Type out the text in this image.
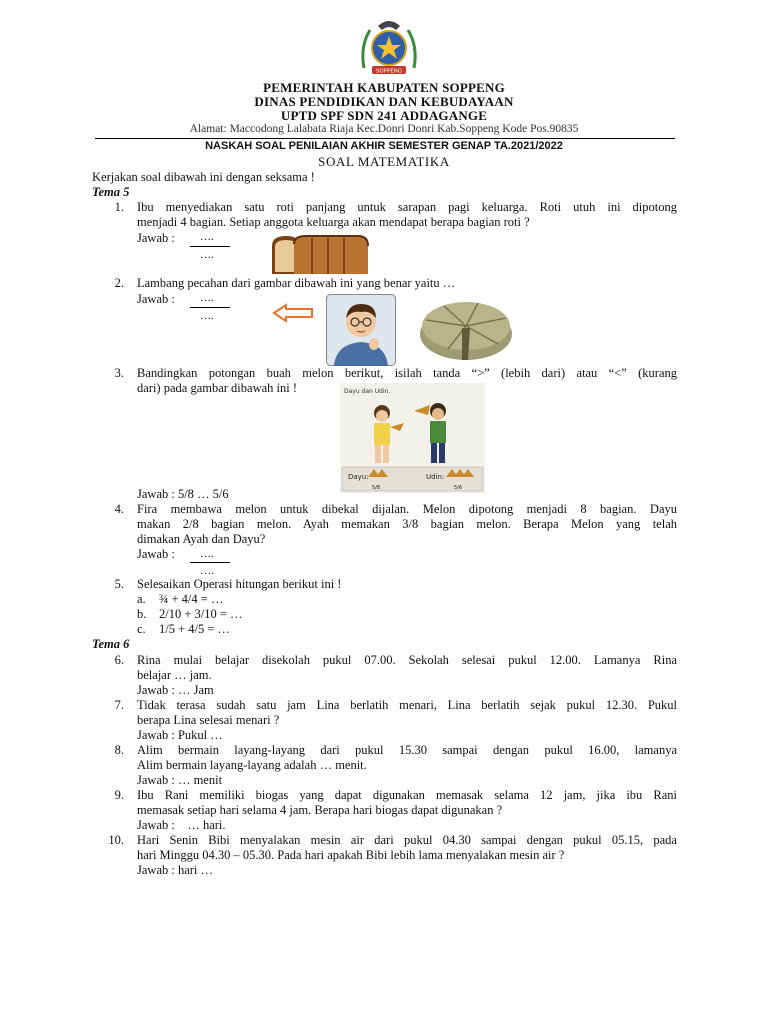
SOPPENG
PEMERINTAH KABUPATEN SOPPENG
DINAS PENDIDIKAN DAN KEBUDAYAAN
UPTD SPF SDN 241 ADDAGANGE
Alamat: Maccodong Lalabata Riaja Kec.Donri Donri Kab.Soppeng Kode Pos.90835
NASKAH SOAL PENILAIAN AKHIR SEMESTER GENAP TA.2021/2022
SOAL MATEMATIKA
Kerjakan soal dibawah ini dengan seksama !
Tema 5
1. Ibu menyediakan satu roti panjang untuk sarapan pagi keluarga. Roti utuh ini dipotong
menjadi 4 bagian. Setiap anggota keluarga akan mendapat berapa bagian roti ?
Jawab : ….
….
2. Lambang pecahan dari gambar dibawah ini yang benar yaitu …
Jawab : ….
….
3. Bandingkan potongan buah melon berikut, isilah tanda “>” (lebih dari) atau “<” (kurang
dari) pada gambar dibawah ini !	Dayu dan Udin.
Dayu:
5/8
Udin:
5/6
Jawab : 5/8 … 5/6
4. Fira membawa melon untuk dibekal dijalan. Melon dipotong menjadi 8 bagian. Dayu
makan 2/8 bagian melon. Ayah memakan 3/8 bagian melon. Berapa Melon yang telah
dimakan Ayah dan Dayu?
Jawab : ….
….
5. Selesaikan Operasi hitungan berikut ini !
a. ¾ + 4/4 = …
b. 2/10 + 3/10 = …
c. 1/5 + 4/5 = …
Tema 6
6. Rina mulai belajar disekolah pukul 07.00. Sekolah selesai pukul 12.00. Lamanya Rina
belajar … jam.
Jawab : … Jam
7. Tidak terasa sudah satu jam Lina berlatih menari, Lina berlatih sejak pukul 12.30. Pukul
berapa Lina selesai menari ?
Jawab : Pukul …
8. Alim bermain layang-layang dari pukul 15.30 sampai dengan pukul 16.00, lamanya
Alim bermain layang-layang adalah … menit.
Jawab : … menit
9. Ibu Rani memiliki biogas yang dapat digunakan memasak selama 12 jam, jika ibu Rani
memasak setiap hari selama 4 jam. Berapa hari biogas dapat digunakan ?
Jawab :    … hari.
10. Hari Senin Bibi menyalakan mesin air dari pukul 04.30 sampai dengan pukul 05.15, pada
hari Minggu 04.30 – 05.30. Pada hari apakah Bibi lebih lama menyalakan mesin air ?
Jawab : hari …
